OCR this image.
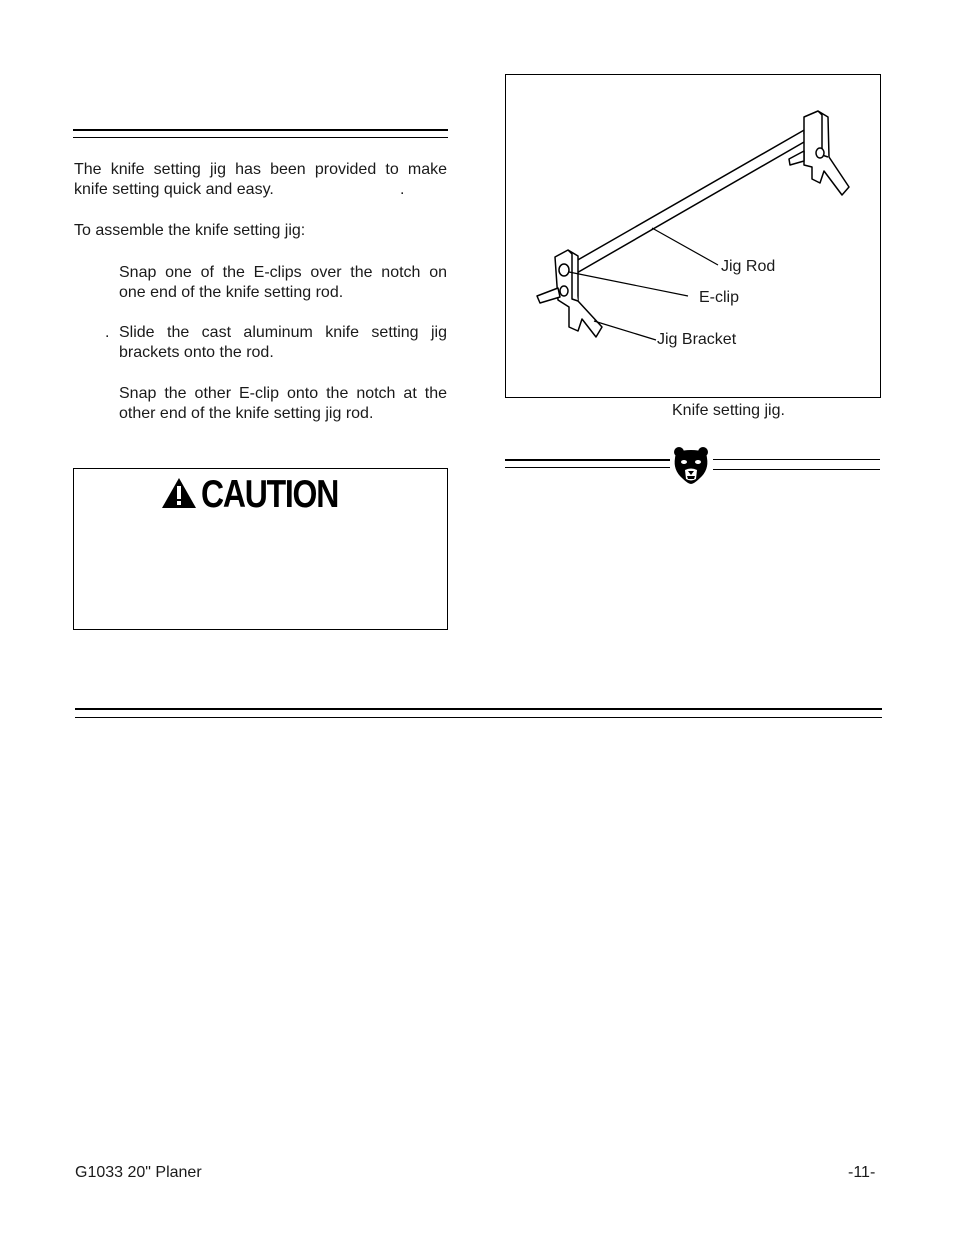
The knife setting jig has been provided to make
knife setting quick and easy.	.
To assemble the knife setting jig:
Snap one of the E-clips over the notch on
one end of the knife setting rod.
. Slide the cast aluminum knife setting jig
brackets onto the rod.
Snap the other E-clip onto the notch at the
other end of the knife setting jig rod.
CAUTION
Jig Rod
E-clip
Jig Bracket
Knife setting jig.
G1033 20" Planer	-11-
